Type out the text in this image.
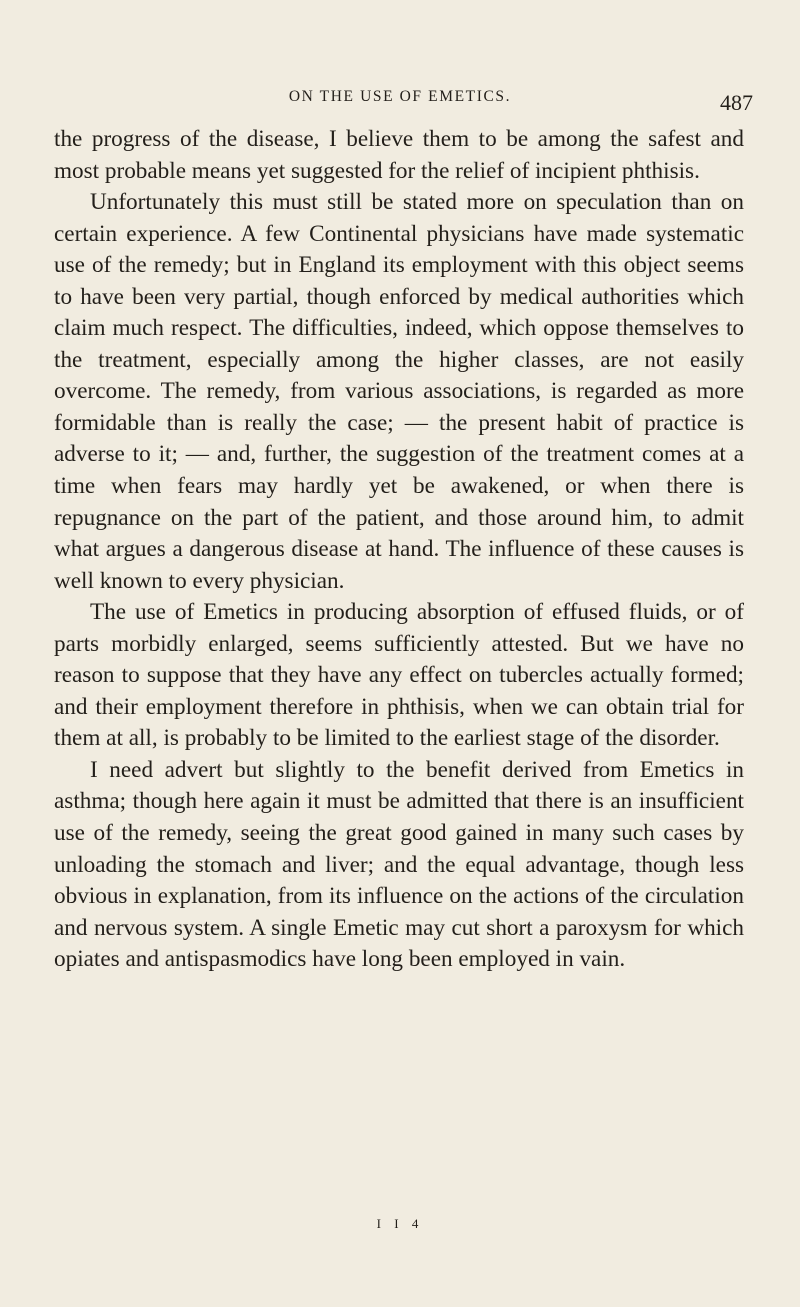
ON THE USE OF EMETICS.	487

the progress of the disease, I believe them to be among the safest and most probable means yet suggested for the relief of incipient phthisis.

Unfortunately this must still be stated more on speculation than on certain experience. A few Continental physicians have made systematic use of the remedy; but in England its employment with this object seems to have been very partial, though enforced by medical authorities which claim much respect. The difficulties, indeed, which oppose themselves to the treatment, especially among the higher classes, are not easily overcome. The remedy, from various associations, is regarded as more formidable than is really the case; — the present habit of practice is adverse to it; — and, further, the suggestion of the treatment comes at a time when fears may hardly yet be awakened, or when there is repugnance on the part of the patient, and those around him, to admit what argues a dangerous disease at hand. The influence of these causes is well known to every physician.

The use of Emetics in producing absorption of effused fluids, or of parts morbidly enlarged, seems sufficiently attested. But we have no reason to suppose that they have any effect on tubercles actually formed; and their employment therefore in phthisis, when we can obtain trial for them at all, is probably to be limited to the earliest stage of the disorder.

I need advert but slightly to the benefit derived from Emetics in asthma; though here again it must be admitted that there is an insufficient use of the remedy, seeing the great good gained in many such cases by unloading the stomach and liver; and the equal advantage, though less obvious in explanation, from its influence on the actions of the circulation and nervous system. A single Emetic may cut short a paroxysm for which opiates and antispasmodics have long been employed in vain.

I I 4
